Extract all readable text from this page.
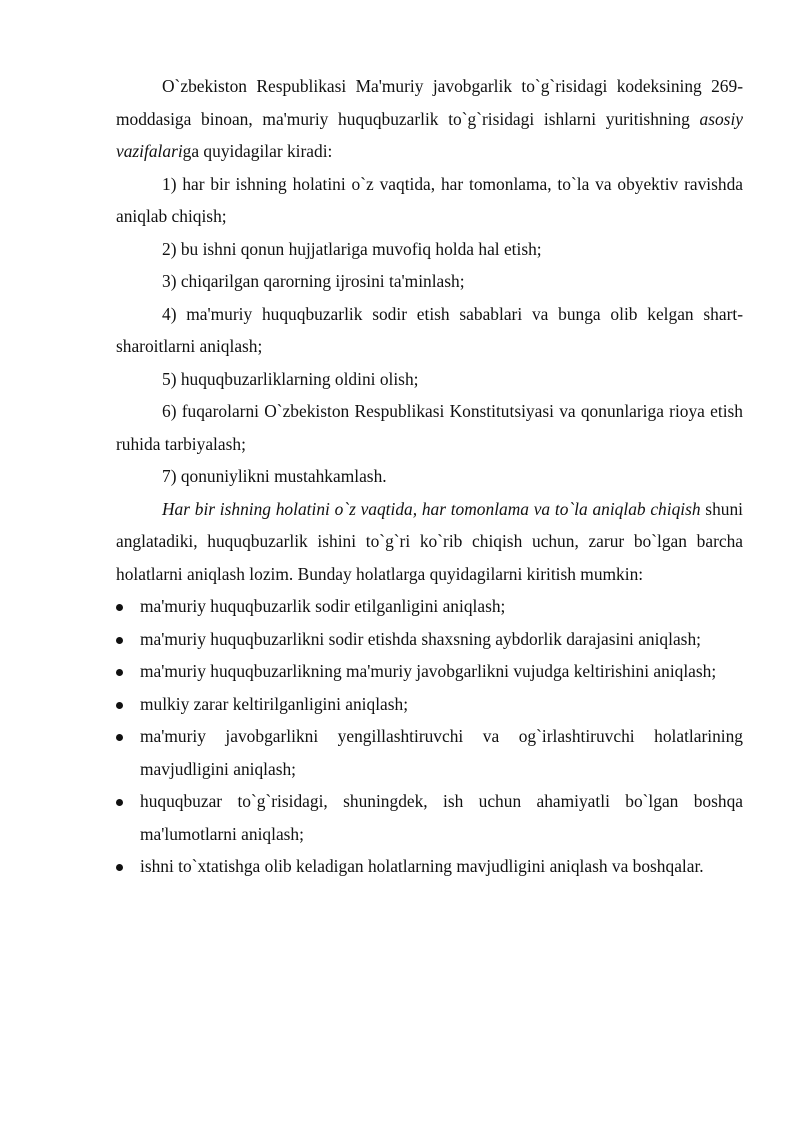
O`zbekiston Respublikasi Ma'muriy javobgarlik to`g`risidagi kodeksining 269-moddasiga binoan, ma'muriy huquqbuzarlik to`g`risidagi ishlarni yuritishning asosiy vazifalariga quyidagilar kiradi:

1) har bir ishning holatini o`z vaqtida, har tomonlama, to`la va obyektiv ravishda aniqlab chiqish;

2) bu ishni qonun hujjatlariga muvofiq holda hal etish;

3) chiqarilgan qarorning ijrosini ta'minlash;

4) ma'muriy huquqbuzarlik sodir etish sabablari va bunga olib kelgan shart-sharoitlarni aniqlash;

5) huquqbuzarliklarning oldini olish;

6) fuqarolarni O`zbekiston Respublikasi Konstitutsiyasi va qonunlariga rioya etish ruhida tarbiyalash;

7) qonuniylikni mustahkamlash.

Har bir ishning holatini o`z vaqtida, har tomonlama va to`la aniqlab chiqish shuni anglatadiki, huquqbuzarlik ishini to`g`ri ko`rib chiqish uchun, zarur bo`lgan barcha holatlarni aniqlash lozim. Bunday holatlarga quyidagilarni kiritish mumkin:

ma'muriy huquqbuzarlik sodir etilganligini aniqlash;
ma'muriy huquqbuzarlikni sodir etishda shaxsning aybdorlik darajasini aniqlash;
ma'muriy huquqbuzarlikning ma'muriy javobgarlikni vujudga keltirishini aniqlash;
mulkiy zarar keltirilganligini aniqlash;
ma'muriy javobgarlikni yengillashtiruvchi va og`irlashtiruvchi holatlarining mavjudligini aniqlash;
huquqbuzar to`g`risidagi, shuningdek, ish uchun ahamiyatli bo`lgan boshqa ma'lumotlarni aniqlash;
ishni to`xtatishga olib keladigan holatlarning mavjudligini aniqlash va boshqalar.
